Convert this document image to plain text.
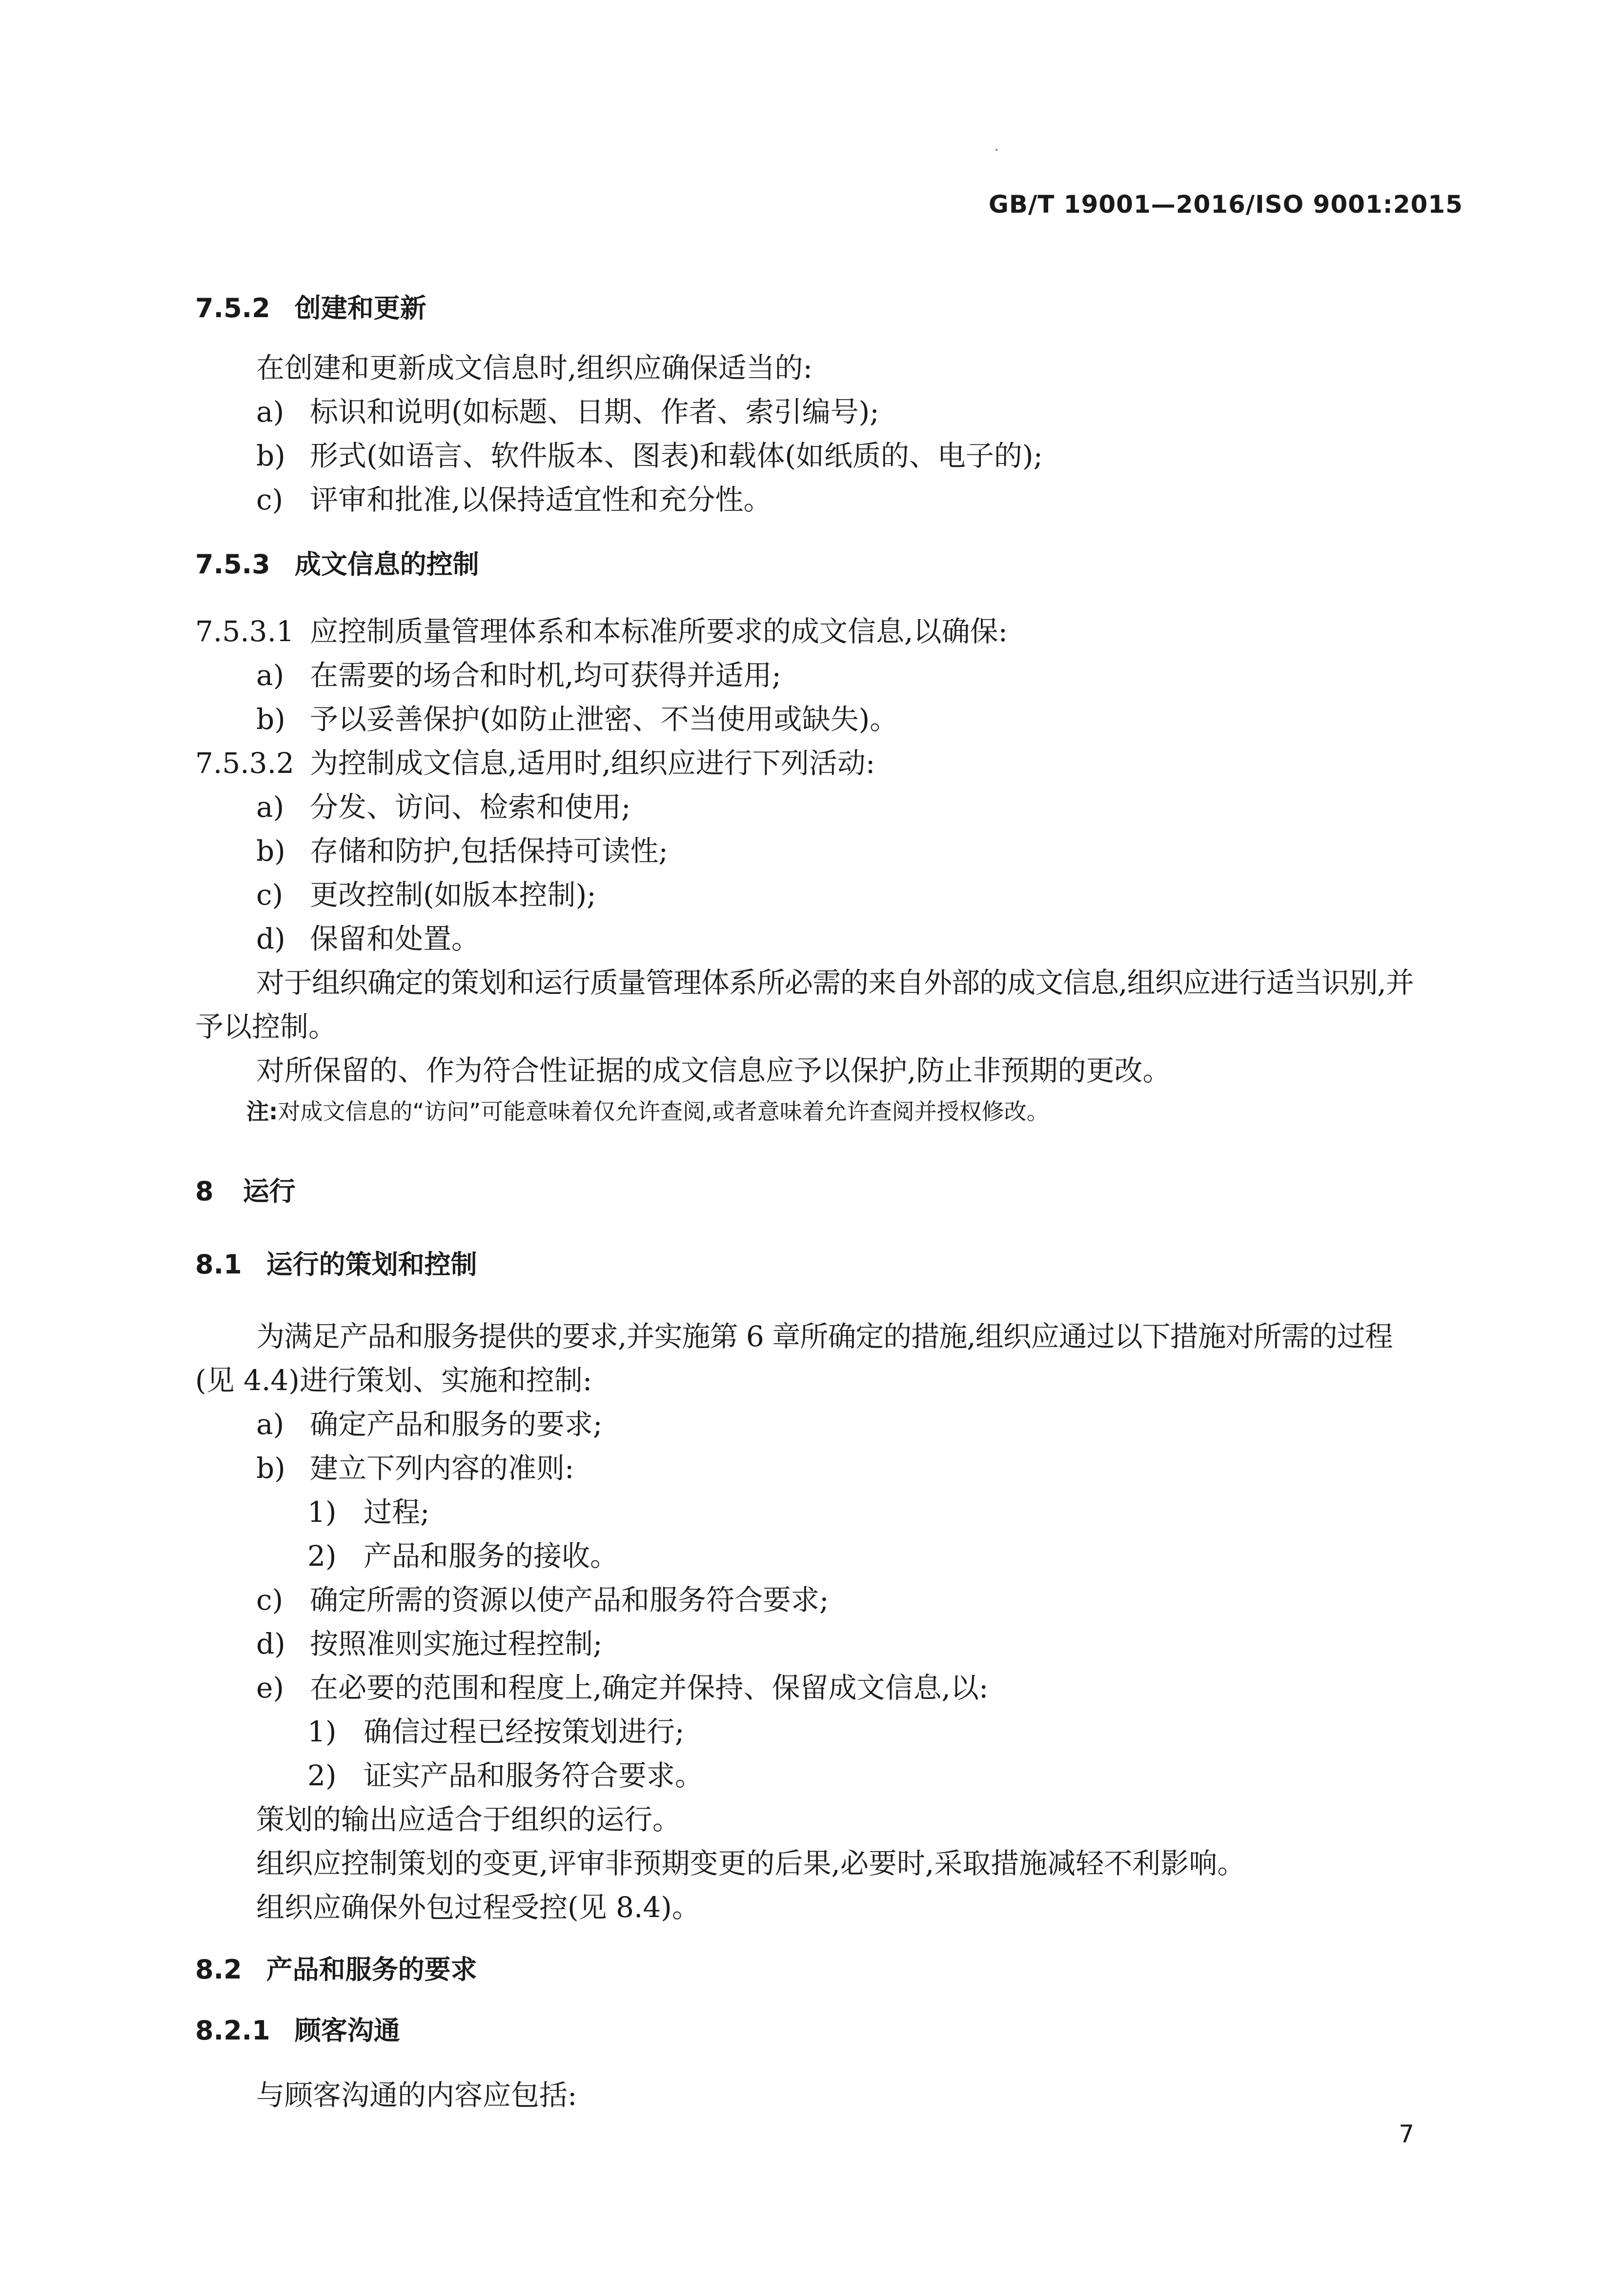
GB/T 19001—2016/ISO 9001:2015
7.5.2 创建和更新
在创建和更新成文信息时,组织应确保适当的:
a) 标识和说明(如标题、日期、作者、索引编号);
b) 形式(如语言、软件版本、图表)和载体(如纸质的、电子的);
c) 评审和批准,以保持适宜性和充分性。
7.5.3 成文信息的控制
7.5.3.1 应控制质量管理体系和本标准所要求的成文信息,以确保:
a) 在需要的场合和时机,均可获得并适用;
b) 予以妥善保护(如防止泄密、不当使用或缺失)。
7.5.3.2 为控制成文信息,适用时,组织应进行下列活动:
a) 分发、访问、检索和使用;
b) 存储和防护,包括保持可读性;
c) 更改控制(如版本控制);
d) 保留和处置。
对于组织确定的策划和运行质量管理体系所必需的来自外部的成文信息,组织应进行适当识别,并
予以控制。
对所保留的、作为符合性证据的成文信息应予以保护,防止非预期的更改。
注:对成文信息的“访问”可能意味着仅允许查阅,或者意味着允许查阅并授权修改。
8 运行
8.1 运行的策划和控制
为满足产品和服务提供的要求,并实施第 6 章所确定的措施,组织应通过以下措施对所需的过程
(见 4.4)进行策划、实施和控制:
a) 确定产品和服务的要求;
b) 建立下列内容的准则:
1) 过程;
2) 产品和服务的接收。
c) 确定所需的资源以使产品和服务符合要求;
d) 按照准则实施过程控制;
e) 在必要的范围和程度上,确定并保持、保留成文信息,以:
1) 确信过程已经按策划进行;
2) 证实产品和服务符合要求。
策划的输出应适合于组织的运行。
组织应控制策划的变更,评审非预期变更的后果,必要时,采取措施减轻不利影响。
组织应确保外包过程受控(见 8.4)。
8.2 产品和服务的要求
8.2.1 顾客沟通
与顾客沟通的内容应包括:
7
